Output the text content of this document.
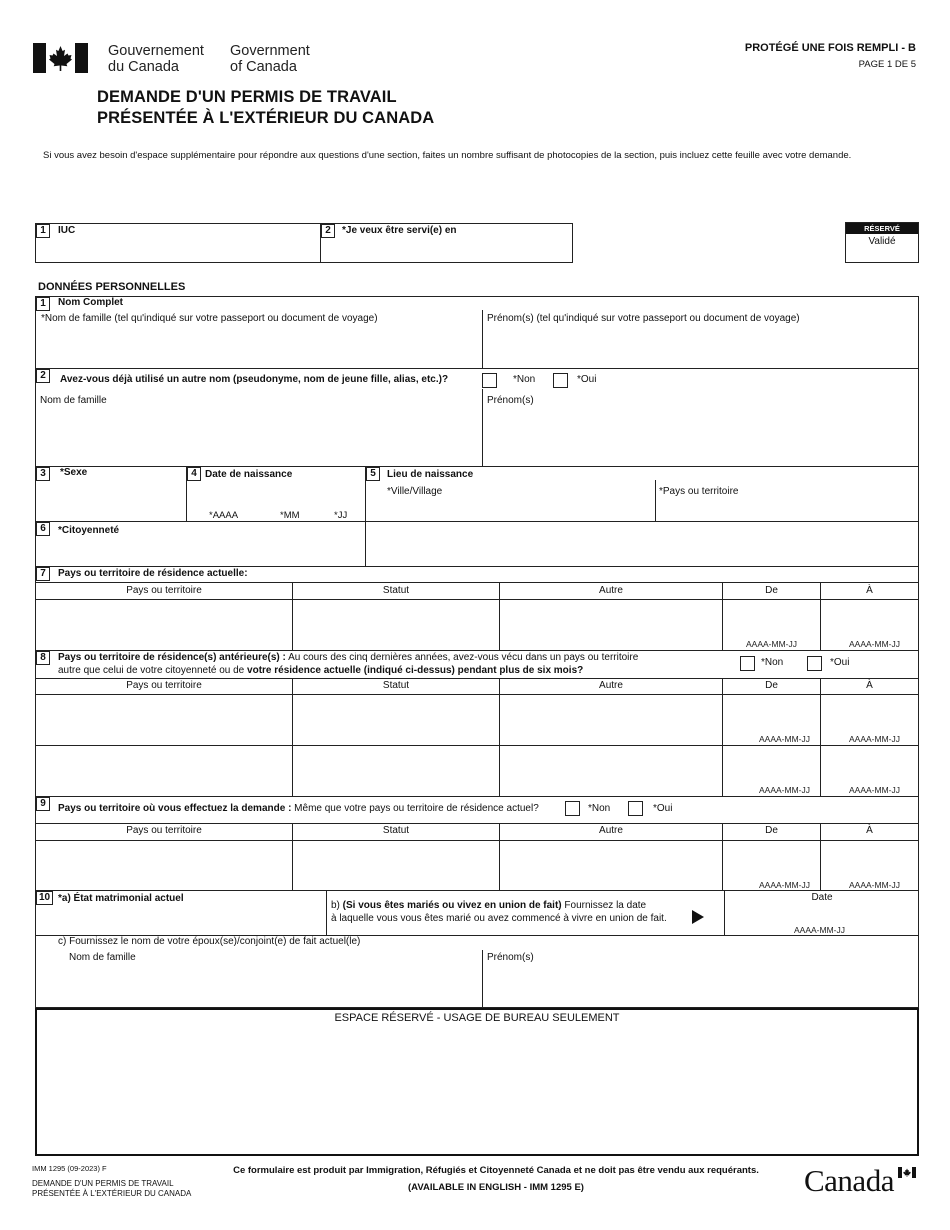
Gouvernement
du Canada
Government
of Canada
PROTÉGÉ UNE FOIS REMPLI - B
PAGE 1 DE 5
DEMANDE D'UN PERMIS DE TRAVAIL
PRÉSENTÉE À L'EXTÉRIEUR DU CANADA
Si vous avez besoin d'espace supplémentaire pour répondre aux questions d'une section, faites un nombre suffisant de photocopies de la section, puis incluez cette feuille avec votre demande.
1	IUC	2	*Je veux être servi(e) en	RÉSERVÉ
Validé
DONNÉES PERSONNELLES
1	Nom Complet
*Nom de famille (tel qu'indiqué sur votre passeport ou document de voyage)	Prénom(s) (tel qu'indiqué sur votre passeport ou document de voyage)
2	Avez-vous déjà utilisé un autre nom (pseudonyme, nom de jeune fille, alias, etc.)?	*Non	*Oui
Nom de famille	Prénom(s)
3	*Sexe	4 Date de naissance
*AAAA	*MM	*JJ
5	Lieu de naissance
*Ville/Village	*Pays ou territoire
6	*Citoyenneté
7	Pays ou territoire de résidence actuelle:
Pays ou territoire	Statut	Autre	De	À
AAAA-MM-JJ	AAAA-MM-JJ
8	Pays ou territoire de résidence(s) antérieure(s) : Au cours des cinq dernières années, avez-vous vécu dans un pays ou territoire
autre que celui de votre citoyenneté ou de votre résidence actuelle (indiqué ci-dessus) pendant plus de six mois?
*Non	*Oui
Pays ou territoire	Statut	Autre	De	À
AAAA-MM-JJ	AAAA-MM-JJ
AAAA-MM-JJ	AAAA-MM-JJ
9	Pays ou territoire où vous effectuez la demande : Même que votre pays ou territoire de résidence actuel?	*Non	*Oui
Pays ou territoire	Statut	Autre	De	À
AAAA-MM-JJ	AAAA-MM-JJ
10 *a) État matrimonial actuel
b) (Si vous êtes mariés ou vivez en union de fait) Fournissez la date
à laquelle vous vous êtes marié ou avez commencé à vivre en union de fait.
Date
AAAA-MM-JJ
c) Fournissez le nom de votre époux(se)/conjoint(e) de fait actuel(le)
Nom de famille	Prénom(s)
ESPACE RÉSERVÉ - USAGE DE BUREAU SEULEMENT
IMM 1295 (09-2023) F
DEMANDE D'UN PERMIS DE TRAVAIL
PRÉSENTÉE À L'EXTÉRIEUR DU CANADA
Ce formulaire est produit par Immigration, Réfugiés et Citoyenneté Canada et ne doit pas être vendu aux requérants.
(AVAILABLE IN ENGLISH - IMM 1295 E)	Canada
